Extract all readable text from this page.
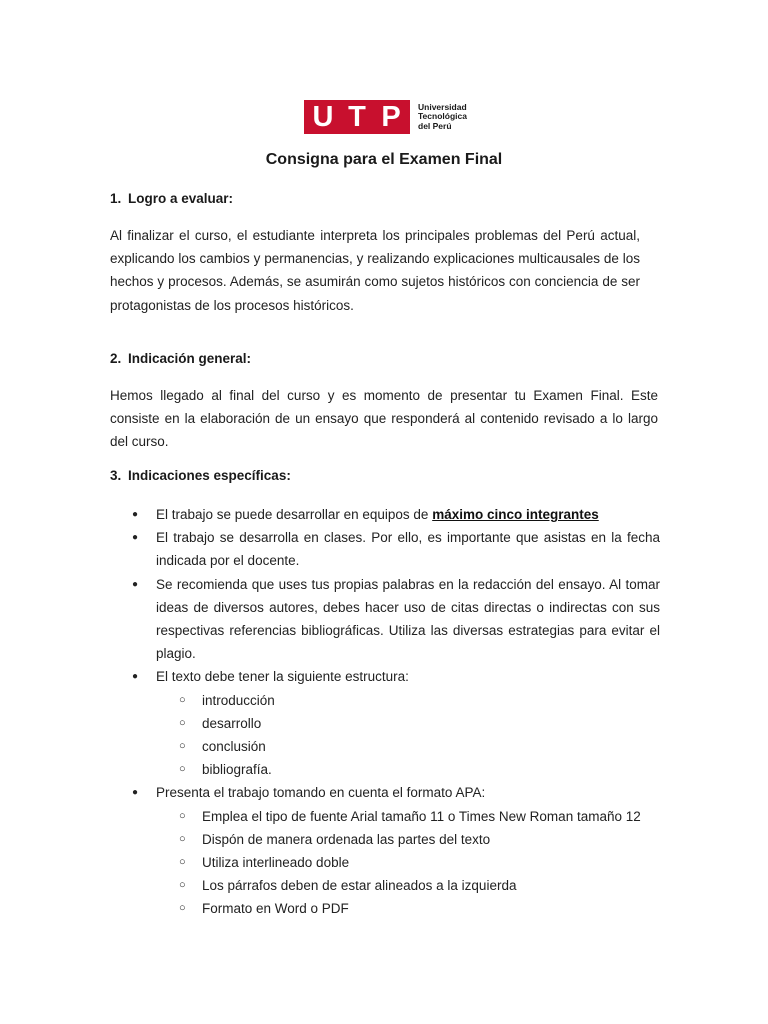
U T P	Universidad
Tecnológica
del Perú
Consigna para el Examen Final
1. Logro a evaluar:
Al finalizar el curso, el estudiante interpreta los principales problemas del Perú actual, explicando los cambios y permanencias, y realizando explicaciones multicausales de los hechos y procesos. Además, se asumirán como sujetos históricos con conciencia de ser protagonistas de los procesos históricos.
2. Indicación general:
Hemos llegado al final del curso y es momento de presentar tu Examen Final. Este consiste en la elaboración de un ensayo que responderá al contenido revisado a lo largo del curso.
3. Indicaciones específicas:
● El trabajo se puede desarrollar en equipos de máximo cinco integrantes
● El trabajo se desarrolla en clases. Por ello, es importante que asistas en la fecha indicada por el docente.
● Se recomienda que uses tus propias palabras en la redacción del ensayo. Al tomar ideas de diversos autores, debes hacer uso de citas directas o indirectas con sus respectivas referencias bibliográficas. Utiliza las diversas estrategias para evitar el plagio.
● El texto debe tener la siguiente estructura:
○ introducción
○ desarrollo
○ conclusión
○ bibliografía.
● Presenta el trabajo tomando en cuenta el formato APA:
○ Emplea el tipo de fuente Arial tamaño 11 o Times New Roman tamaño 12
○ Dispón de manera ordenada las partes del texto
○ Utiliza interlineado doble
○ Los párrafos deben de estar alineados a la izquierda
○ Formato en Word o PDF
